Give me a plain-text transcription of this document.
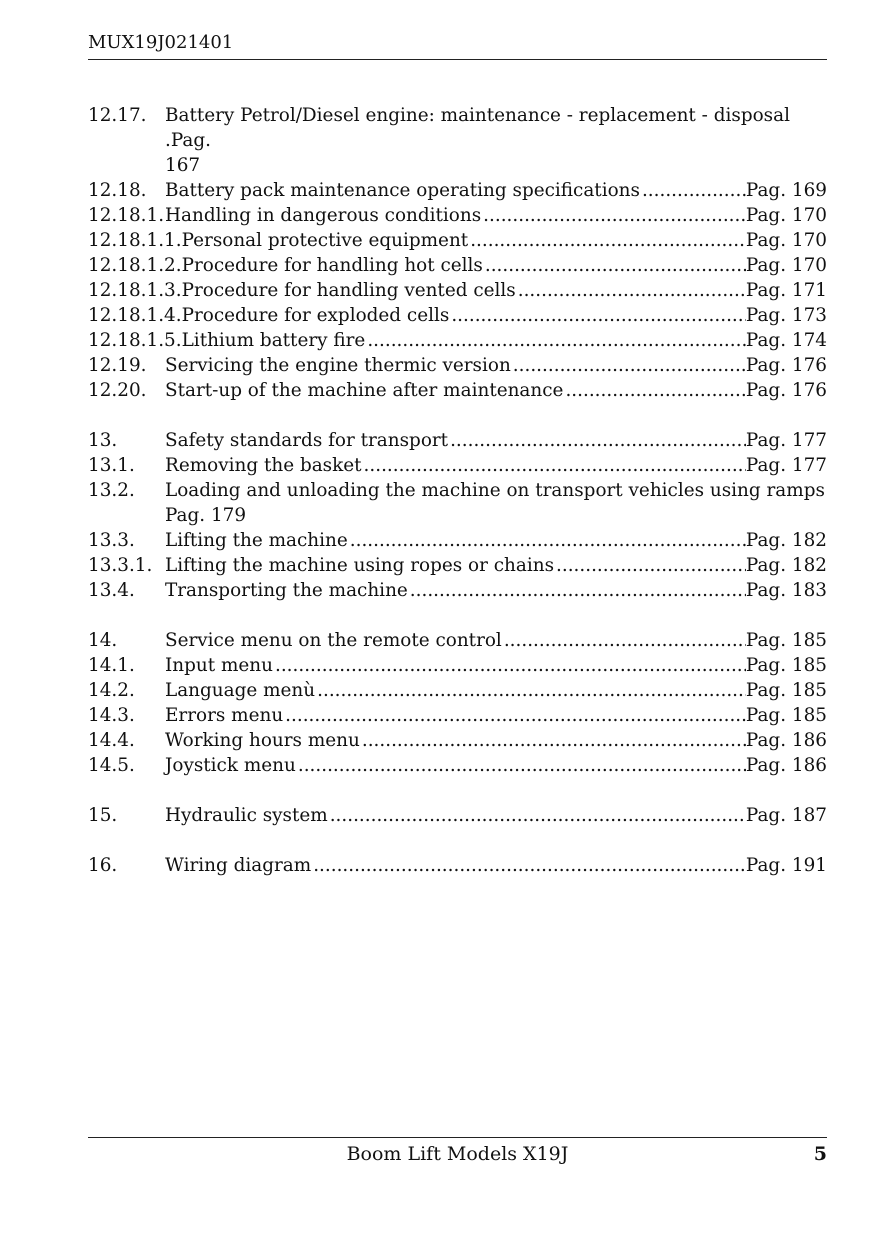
MUX19J021401
12.17.	Battery Petrol/Diesel engine: maintenance - replacement - disposal .Pag.
167
12.18.	Battery pack maintenance operating specifications .....	Pag. 169
12.18.1. Handling in dangerous conditions .....	Pag. 170
12.18.1.1. Personal protective equipment .....	Pag. 170
12.18.1.2. Procedure for handling hot cells .....	Pag. 170
12.18.1.3. Procedure for handling vented cells .....	Pag. 171
12.18.1.4. Procedure for exploded cells .....	Pag. 173
12.18.1.5. Lithium battery fire .....	Pag. 174
12.19.	Servicing the engine thermic version .....	Pag. 176
12.20.	Start-up of the machine after maintenance .....	Pag. 176
13.	Safety standards for transport .....	Pag. 177
13.1.	Removing the basket .....	Pag. 177
13.2.	Loading and unloading the machine on transport vehicles using ramps
Pag. 179
13.3.	Lifting the machine .....	Pag. 182
13.3.1. Lifting the machine using ropes or chains .....	Pag. 182
13.4.	Transporting the machine .....	Pag. 183
14.	Service menu on the remote control .....	Pag. 185
14.1.	Input menu .....	Pag. 185
14.2.	Language menù .....	Pag. 185
14.3.	Errors menu .....	Pag. 185
14.4.	Working hours menu .....	Pag. 186
14.5.	Joystick menu .....	Pag. 186
15.	Hydraulic system .....	Pag. 187
16.	Wiring diagram .....	Pag. 191
Boom Lift Models X19J	5
